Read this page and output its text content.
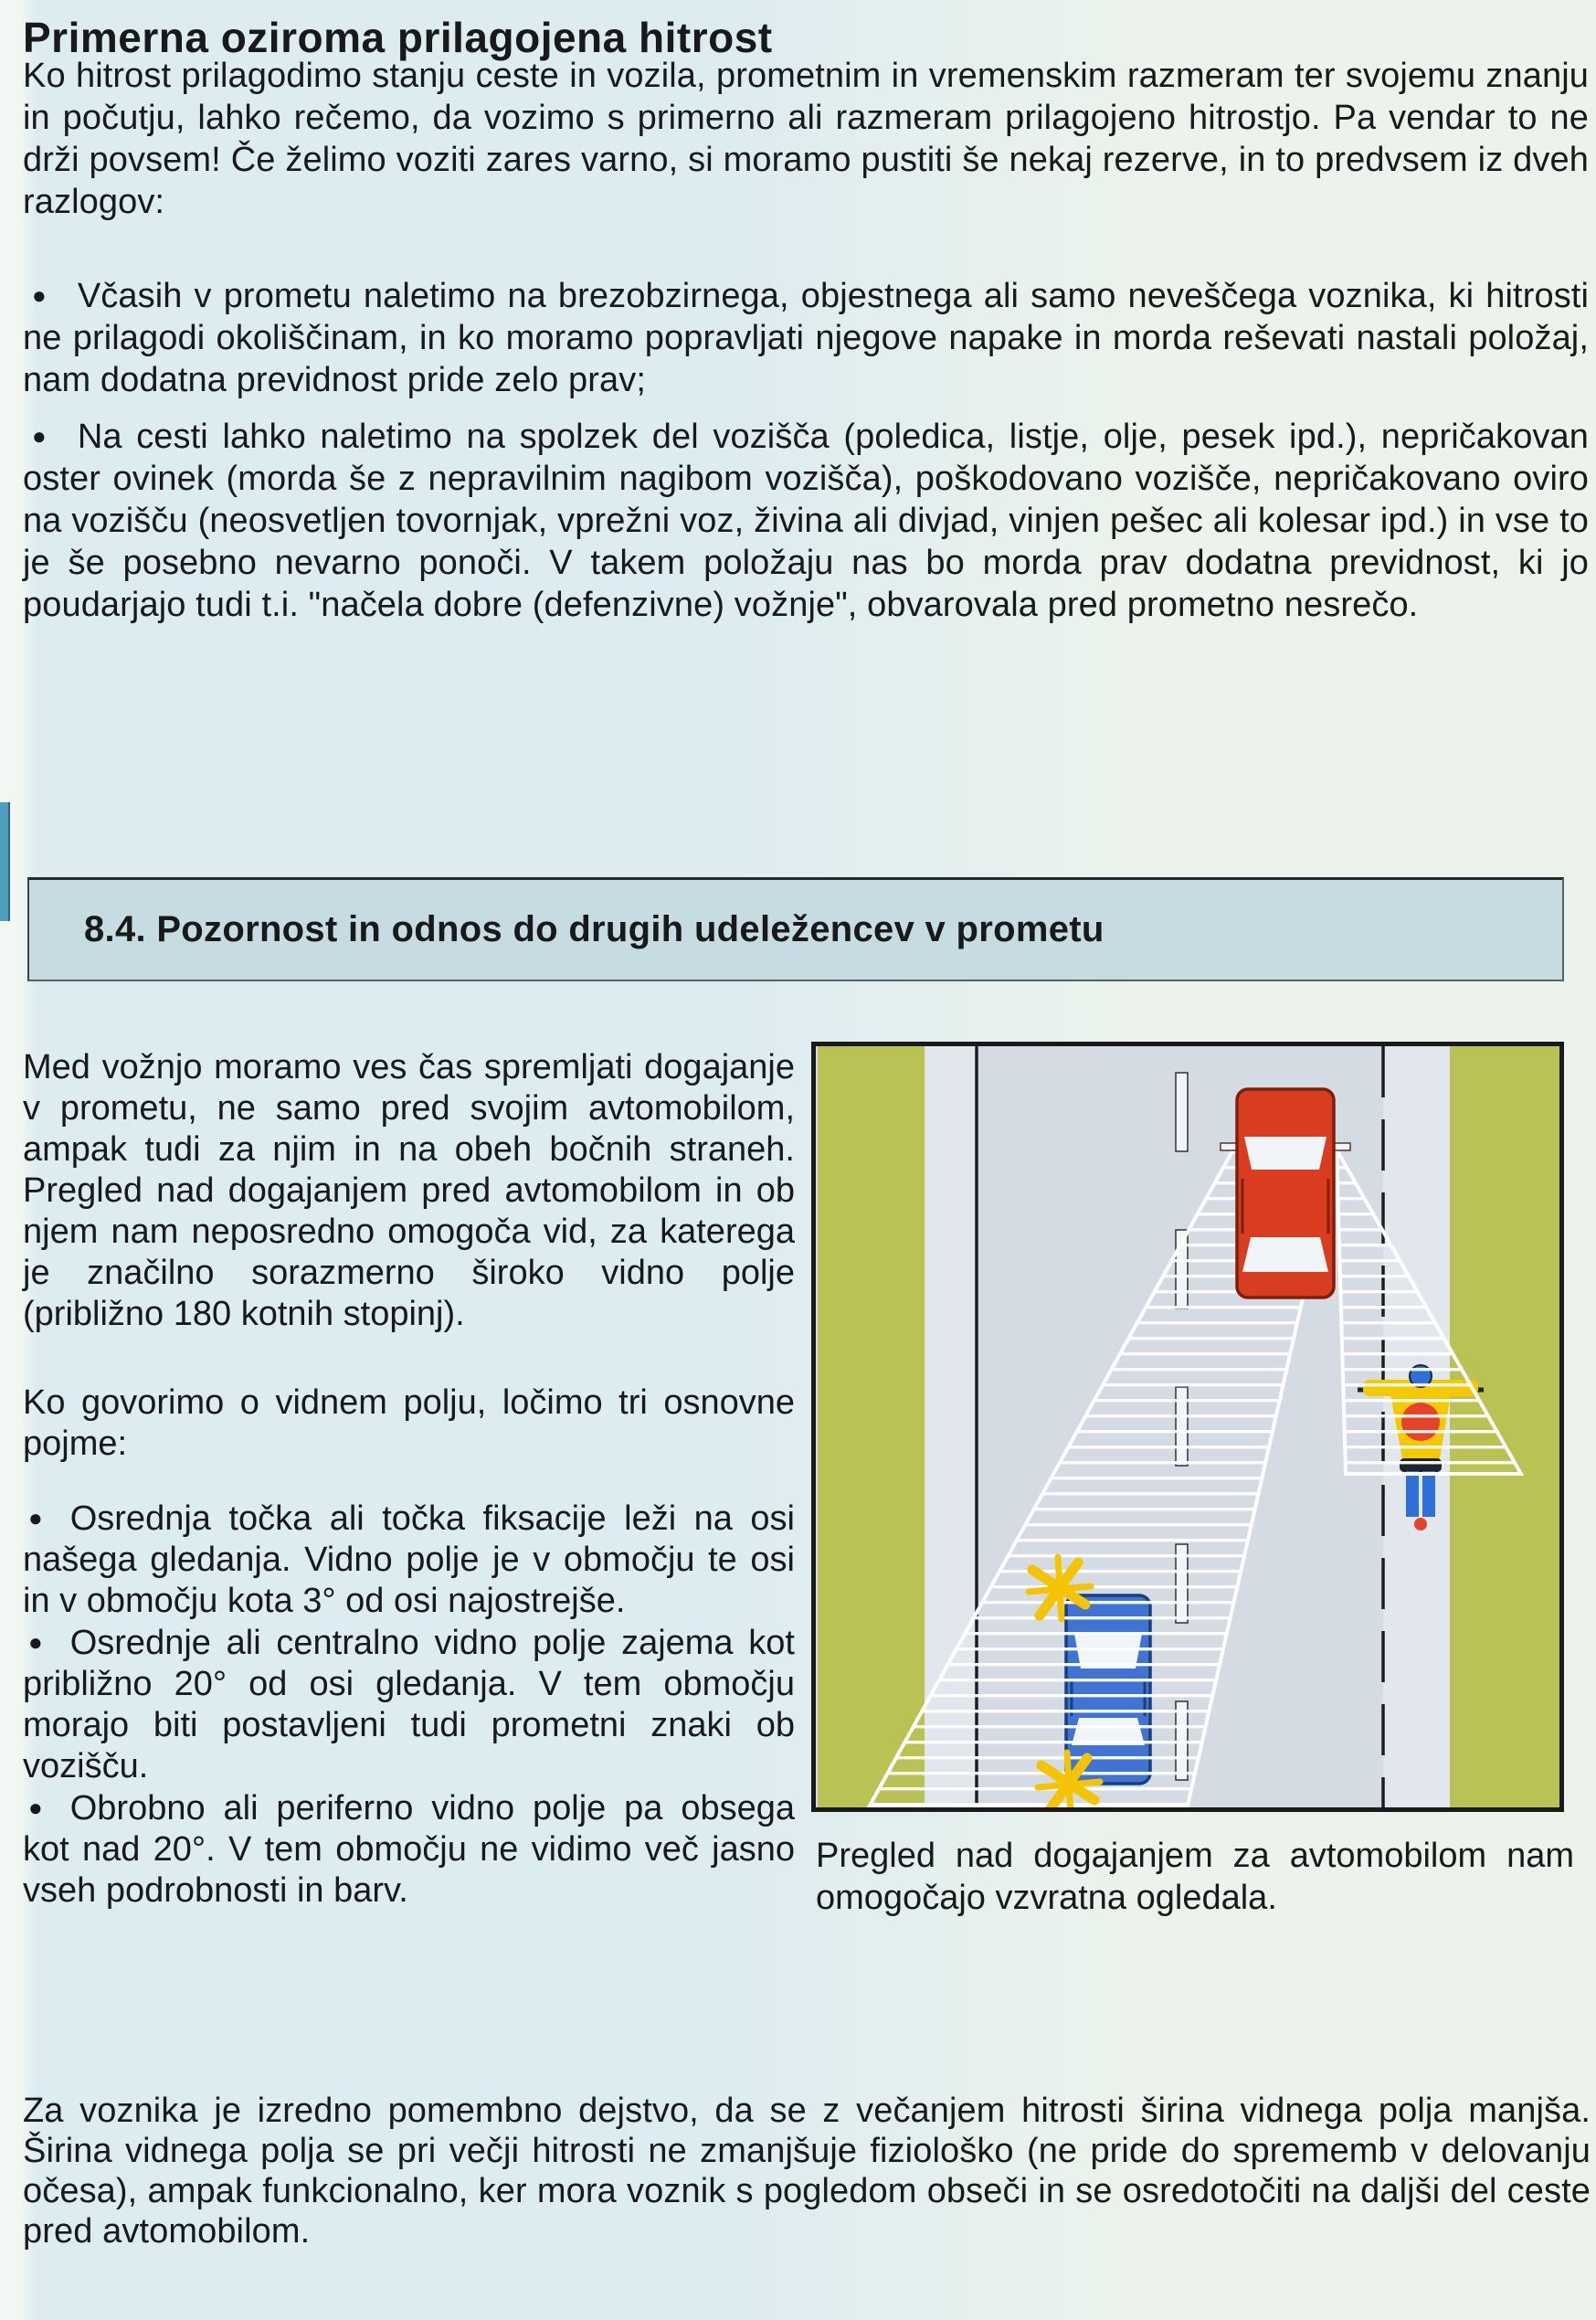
Primerna oziroma prilagojena hitrost

Ko hitrost prilagodimo stanju ceste in vozila, prometnim in vremenskim razmeram ter svojemu znanju in počutju, lahko rečemo, da vozimo s primerno ali razmeram prilagojeno hitrostjo. Pa vendar to ne drži povsem! Če želimo voziti zares varno, si moramo pustiti še nekaj rezerve, in to predvsem iz dveh razlogov:

● Včasih v prometu naletimo na brezobzirnega, objestnega ali samo neveščega voznika, ki hitrosti ne prilagodi okoliščinam, in ko moramo popravljati njegove napake in morda reševati nastali položaj, nam dodatna previdnost pride zelo prav;

● Na cesti lahko naletimo na spolzek del vozišča (poledica, listje, olje, pesek ipd.), nepričakovan oster ovinek (morda še z nepravilnim nagibom vozišča), poškodovano vozišče, nepričakovano oviro na vozišču (neosvetljen tovornjak, vprežni voz, živina ali divjad, vinjen pešec ali kolesar ipd.) in vse to je še posebno nevarno ponoči. V takem položaju nas bo morda prav dodatna previdnost, ki jo poudarjajo tudi t.i. "načela dobre (defenzivne) vožnje", obvarovala pred prometno nesrečo.

8.4. Pozornost in odnos do drugih udeležencev v prometu

Med vožnjo moramo ves čas spremljati dogajanje v prometu, ne samo pred svojim avtomobilom, ampak tudi za njim in na obeh bočnih straneh. Pregled nad dogajanjem pred avtomobilom in ob njem nam neposredno omogoča vid, za katerega je značilno sorazmerno široko vidno polje (približno 180 kotnih stopinj).

Ko govorimo o vidnem polju, ločimo tri osnovne pojme:

● Osrednja točka ali točka fiksacije leži na osi našega gledanja. Vidno polje je v območju te osi in v območju kota 3° od osi najostrejše.

● Osrednje ali centralno vidno polje zajema kot približno 20° od osi gledanja. V tem območju morajo biti postavljeni tudi prometni znaki ob vozišču.

● Obrobno ali periferno vidno polje pa obsega kot nad 20°. V tem območju ne vidimo več jasno vseh podrobnosti in barv.

Pregled nad dogajanjem za avtomobilom nam omogočajo vzvratna ogledala.

Za voznika je izredno pomembno dejstvo, da se z večanjem hitrosti širina vidnega polja manjša. Širina vidnega polja se pri večji hitrosti ne zmanjšuje fiziološko (ne pride do sprememb v delovanju očesa), ampak funkcionalno, ker mora voznik s pogledom obseči in se osredotočiti na daljši del ceste pred avtomobilom.
